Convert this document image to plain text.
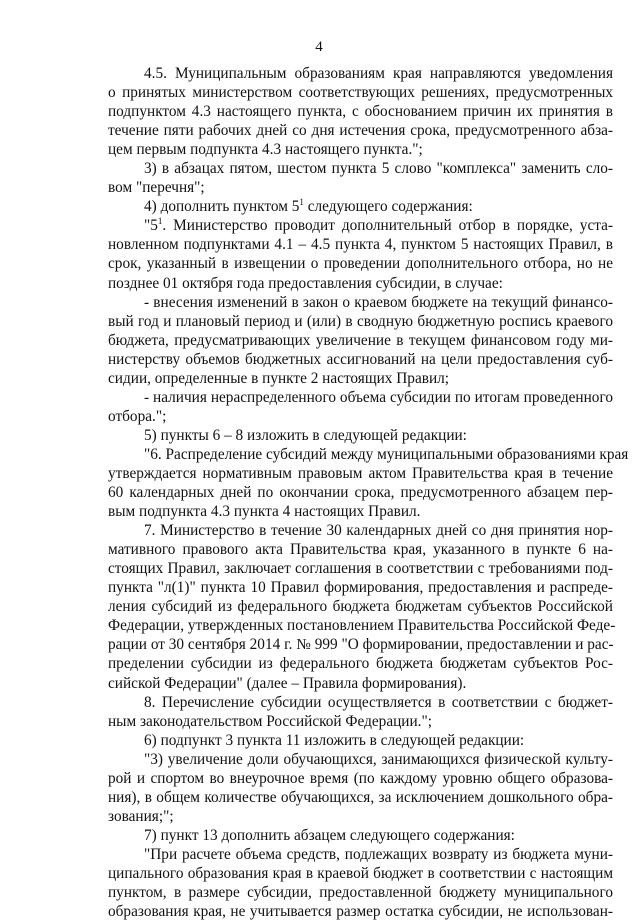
4
4.5. Муниципальным образованиям края направляются уведомления
о принятых министерством соответствующих решениях, предусмотренных
подпунктом 4.3 настоящего пункта, с обоснованием причин их принятия в
течение пяти рабочих дней со дня истечения срока, предусмотренного абза-
цем первым подпункта 4.3 настоящего пункта.";
3) в абзацах пятом, шестом пункта 5 слово "комплекса" заменить сло-
вом "перечня";
4) дополнить пунктом $5^1$ следующего содержания:
"$5^1$. Министерство проводит дополнительный отбор в порядке, уста-
новленном подпунктами 4.1 – 4.5 пункта 4, пунктом 5 настоящих Правил, в
срок, указанный в извещении о проведении дополнительного отбора, но не
позднее 01 октября года предоставления субсидии, в случае:
- внесения изменений в закон о краевом бюджете на текущий финансо-
вый год и плановый период и (или) в сводную бюджетную роспись краевого
бюджета, предусматривающих увеличение в текущем финансовом году ми-
нистерству объемов бюджетных ассигнований на цели предоставления суб-
сидии, определенные в пункте 2 настоящих Правил;
- наличия нераспределенного объема субсидии по итогам проведенного
отбора.";
5) пункты 6 – 8 изложить в следующей редакции:
"6. Распределение субсидий между муниципальными образованиями края
утверждается нормативным правовым актом Правительства края в течение
60 календарных дней по окончании срока, предусмотренного абзацем пер-
вым подпункта 4.3 пункта 4 настоящих Правил.
7. Министерство в течение 30 календарных дней со дня принятия нор-
мативного правового акта Правительства края, указанного в пункте 6 на-
стоящих Правил, заключает соглашения в соответствии с требованиями под-
пункта "л(1)" пункта 10 Правил формирования, предоставления и распреде-
ления субсидий из федерального бюджета бюджетам субъектов Российской
Федерации, утвержденных постановлением Правительства Российской Феде-
рации от 30 сентября 2014 г. № 999 "О формировании, предоставлении и рас-
пределении субсидии из федерального бюджета бюджетам субъектов Рос-
сийской Федерации" (далее – Правила формирования).
8. Перечисление субсидии осуществляется в соответствии с бюджет-
ным законодательством Российской Федерации.";
6) подпункт 3 пункта 11 изложить в следующей редакции:
"3) увеличение доли обучающихся, занимающихся физической культу-
рой и спортом во внеурочное время (по каждому уровню общего образова-
ния), в общем количестве обучающихся, за исключением дошкольного обра-
зования;";
7) пункт 13 дополнить абзацем следующего содержания:
"При расчете объема средств, подлежащих возврату из бюджета муни-
ципального образования края в краевой бюджет в соответствии с настоящим
пунктом, в размере субсидии, предоставленной бюджету муниципального
образования края, не учитывается размер остатка субсидии, не использован-
